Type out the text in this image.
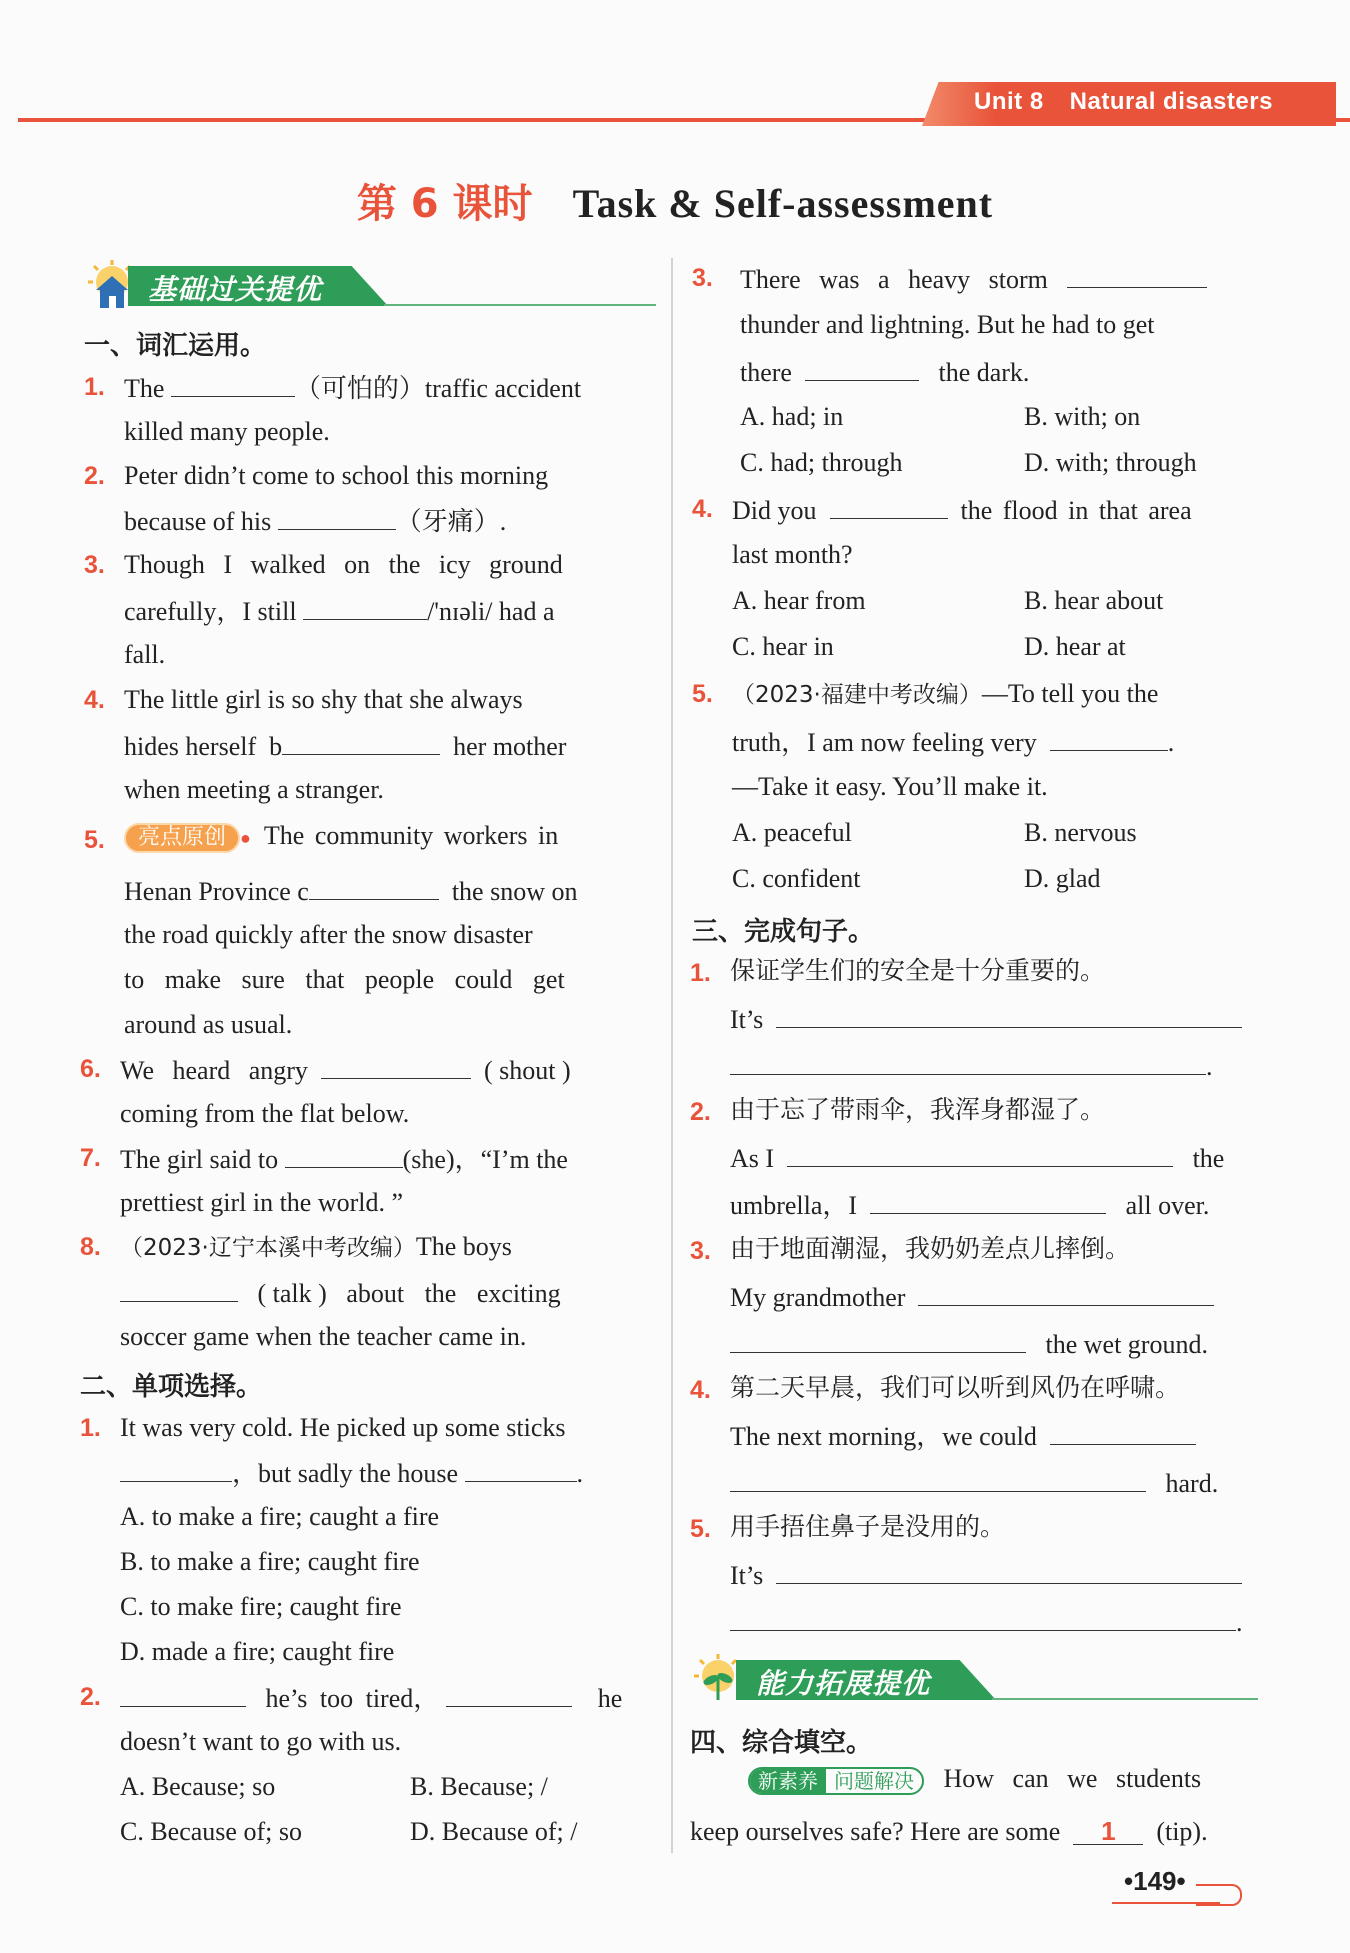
Unit 8 Natural disasters
第 6 课时 Task & Self-assessment
基础过关提优
一、词汇运用。
1. The	（可怕的）traffic accident
killed many people.
2. Peter didn’t come to school this morning
because of his	（牙痛）.
3. Though I walked on the icy ground
carefully，I still	/'nɪəli/ had a
fall.
4. The little girl is so shy that she always
hides herself b	her mother
when meeting a stranger.
5.	亮点原创 ● The community workers in
Henan Province c	the snow on
the road quickly after the snow disaster
to make sure that people could get
around as usual.
6. We heard angry	( shout )
coming from the flat below.
7. The girl said to	(she)，“I’m the
prettiest girl in the world. ”
8. （2023·辽宁本溪中考改编）The boys
( talk ) about the exciting
soccer game when the teacher came in.
二、单项选择。
1. It was very cold. He picked up some sticks
，but sadly the house	.
A. to make a fire; caught a fire
B. to make a fire; caught fire
C. to make fire; caught fire
D. made a fire; caught fire
2.	he’s too tired，	he
doesn’t want to go with us.
A. Because; so	B. Because; /
C. Because of; so	D. Because of; /
3. There was a heavy storm
thunder and lightning. But he had to get
there	the dark.
A. had; in	B. with; on
C. had; through	D. with; through
4. Did you	the flood in that area
last month?
A. hear from	B. hear about
C. hear in	D. hear at
5. （2023·福建中考改编）—To tell you the
truth，I am now feeling very	.
—Take it easy. You’ll make it.
A. peaceful	B. nervous
C. confident	D. glad
三、完成句子。
1. 保证学生们的安全是十分重要的。
It’s
.
2. 由于忘了带雨伞，我浑身都湿了。
As I	the
umbrella，I	all over.
3. 由于地面潮湿，我奶奶差点儿摔倒。
My grandmother
the wet ground.
4. 第二天早晨，我们可以听到风仍在呼啸。
The next morning，we could
hard.
5. 用手捂住鼻子是没用的。
It’s
.
能力拓展提优
四、综合填空。
新素养 问题解决 How can we students
keep ourselves safe? Here are some 1 (tip).
•149•
